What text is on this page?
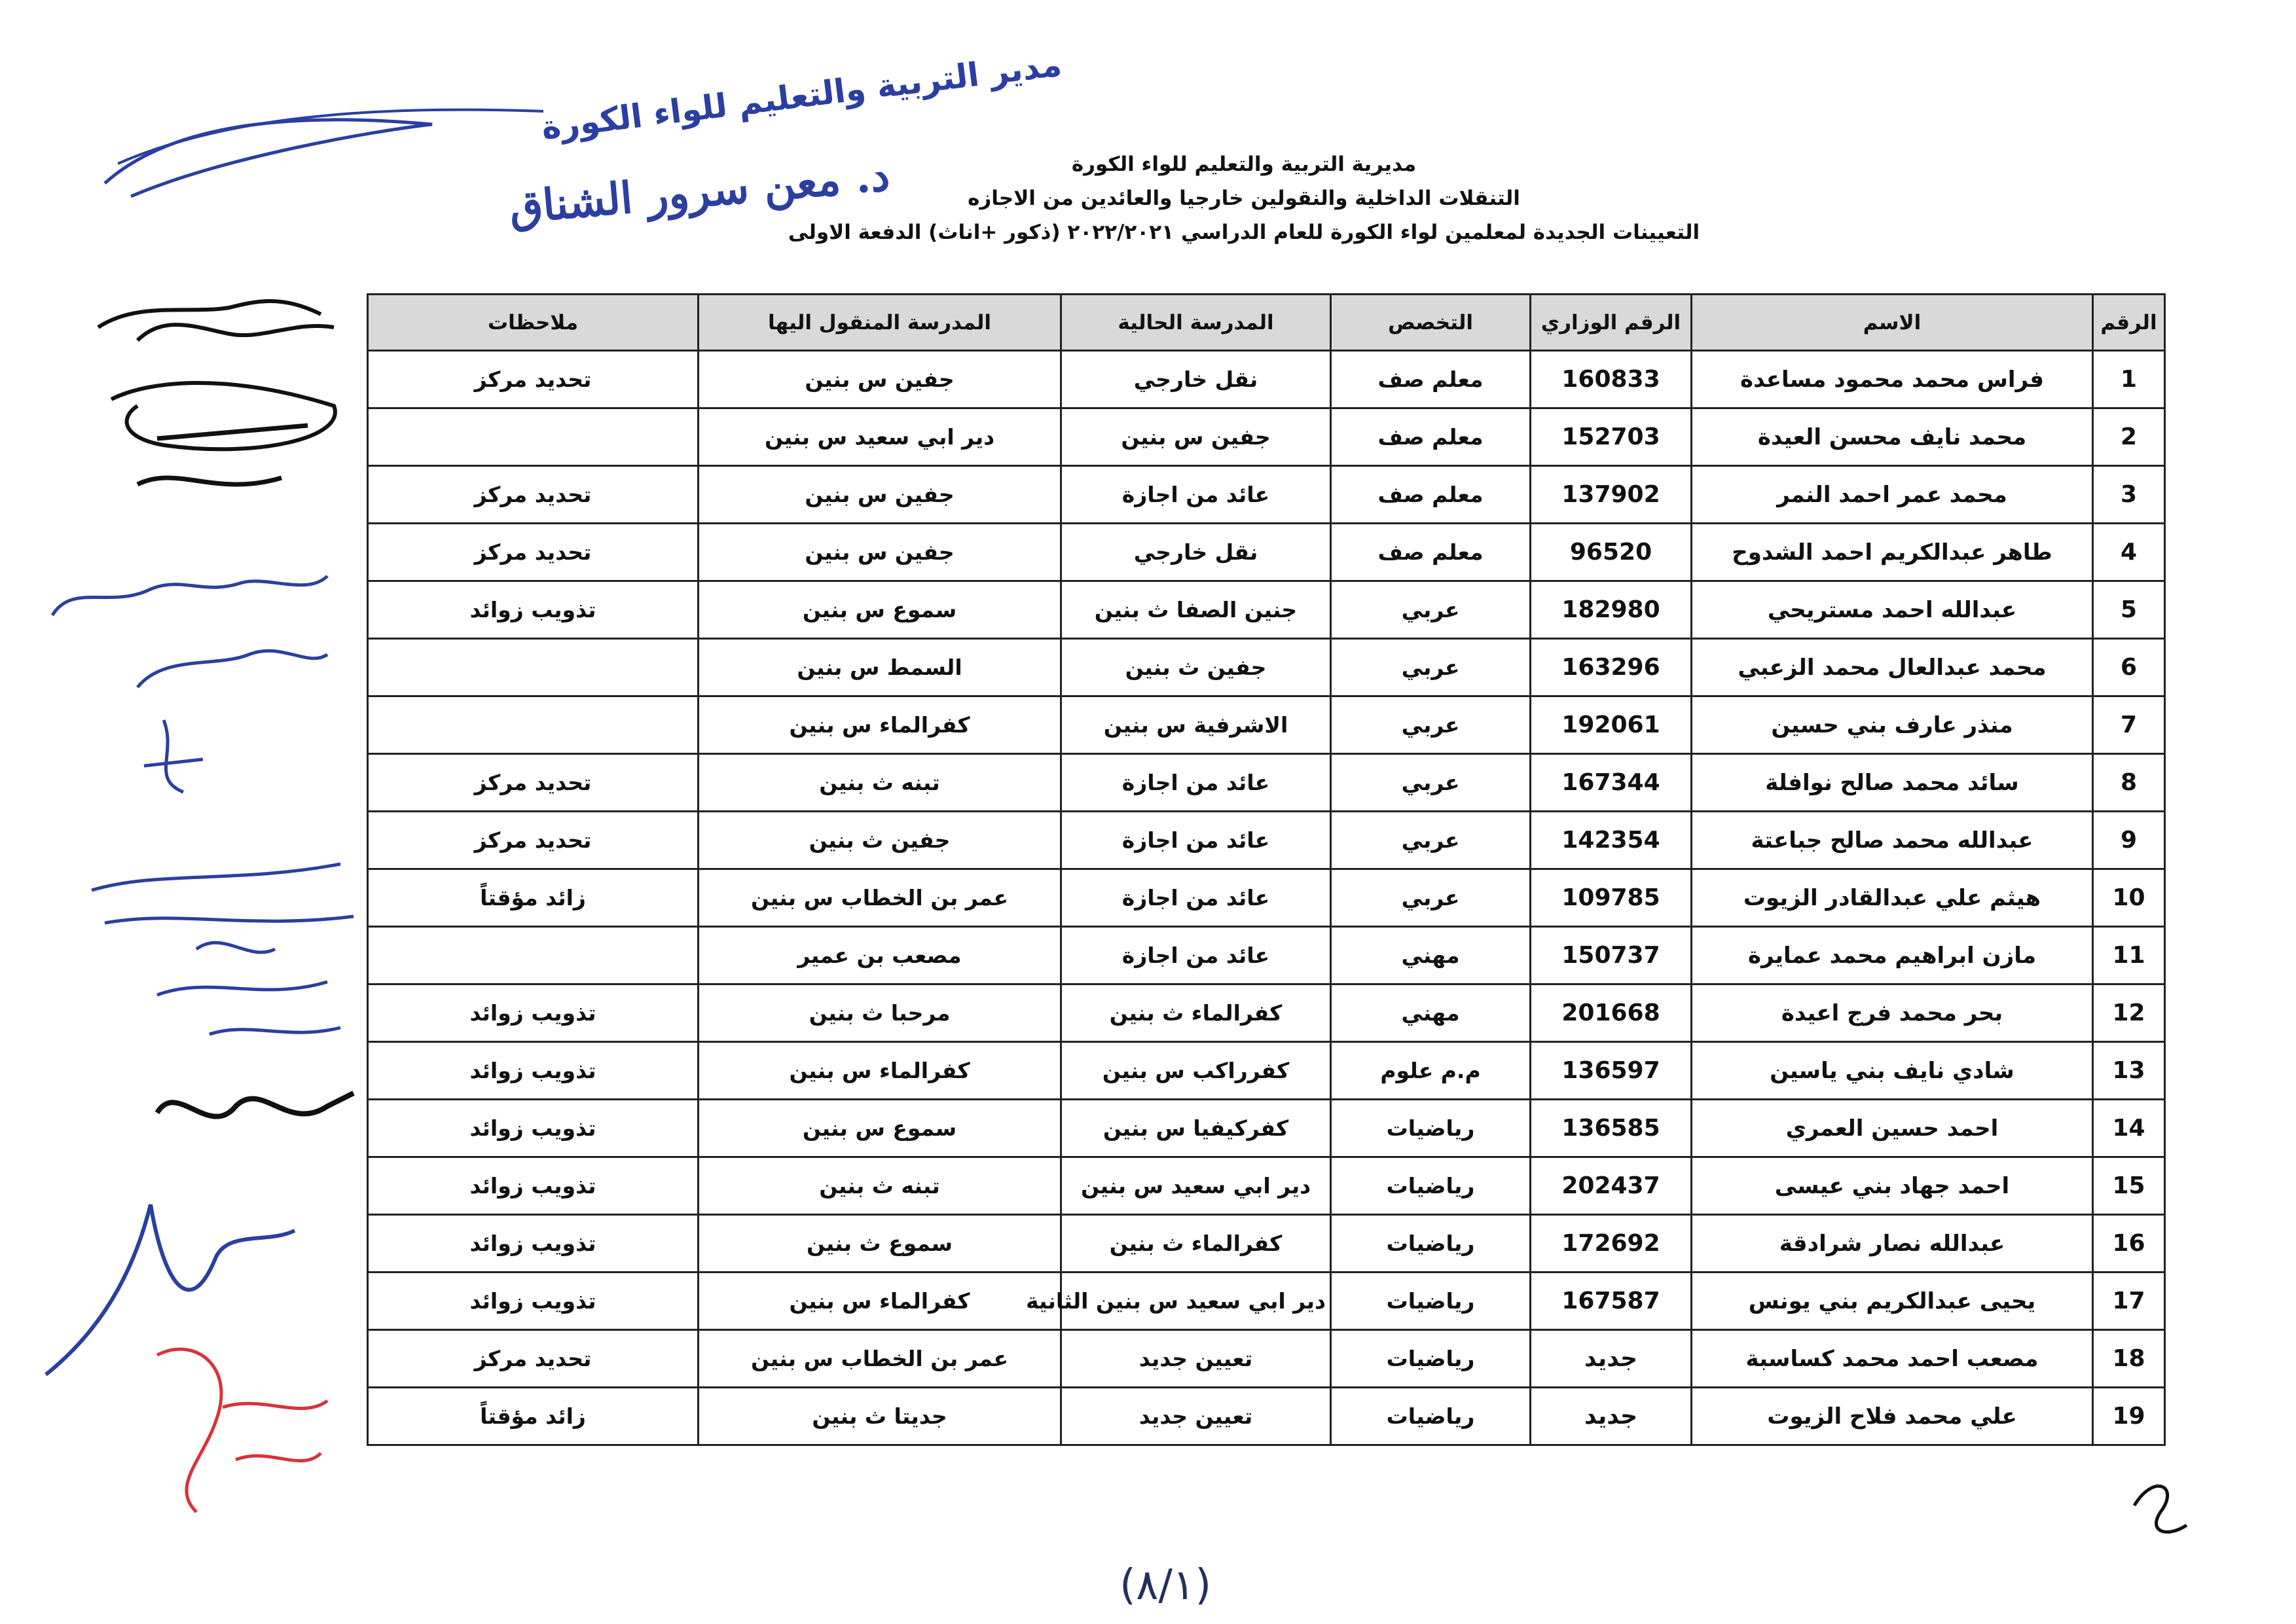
مدير التربية والتعليم للواء الكورة
د. معن سرور الشناق	مديرية التربية والتعليم للواء الكورة
التنقلات الداخلية والنقولين خارجيا والعائدين من الاجازه
التعيينات الجديدة لمعلمين لواء الكورة للعام الدراسي ٢٠٢٢/٢٠٢١ (ذكور +اناث) الدفعة الاولى
الرقم	الاسم	الرقم الوزاري	التخصص	المدرسة الحالية	المدرسة المنقول اليها	ملاحظات
1	فراس محمد محمود مساعدة	160833	معلم صف	نقل خارجي	جفين س بنين	تحديد مركز
2	محمد نايف محسن العيدة	152703	معلم صف	جفين س بنين	دير ابي سعيد س بنين	
3	محمد عمر احمد النمر	137902	معلم صف	عائد من اجازة	جفين س بنين	تحديد مركز
4	طاهر عبدالكريم احمد الشدوح	96520	معلم صف	نقل خارجي	جفين س بنين	تحديد مركز
5	عبدالله احمد مستريحي	182980	عربي	جنين الصفا ث بنين	سموع س بنين	تذويب زوائد
6	محمد عبدالعال محمد الزعبي	163296	عربي	جفين ث بنين	السمط س بنين	
7	منذر عارف بني حسين	192061	عربي	الاشرفية س بنين	كفرالماء س بنين	
8	سائد محمد صالح نوافلة	167344	عربي	عائد من اجازة	تبنه ث بنين	تحديد مركز
9	عبدالله محمد صالح جباعتة	142354	عربي	عائد من اجازة	جفين ث بنين	تحديد مركز
10	هيثم علي عبدالقادر الزيوت	109785	عربي	عائد من اجازة	عمر بن الخطاب س بنين	زائد مؤقتاً
11	مازن ابراهيم محمد عمايرة	150737	مهني	عائد من اجازة	مصعب بن عمير	
12	بحر محمد فرج اعيدة	201668	مهني	كفرالماء ث بنين	مرحبا ث بنين	تذويب زوائد
13	شادي نايف بني ياسين	136597	م.م علوم	كفرراكب س بنين	كفرالماء س بنين	تذويب زوائد
14	احمد حسين العمري	136585	رياضيات	كفركيفيا س بنين	سموع س بنين	تذويب زوائد
15	احمد جهاد بني عيسى	202437	رياضيات	دير ابي سعيد س بنين	تبنه ث بنين	تذويب زوائد
16	عبدالله نصار شرادقة	172692	رياضيات	كفرالماء ث بنين	سموع ث بنين	تذويب زوائد
17	يحيى عبدالكريم بني يونس	167587	رياضيات	دير ابي سعيد س بنين الثانية	كفرالماء س بنين	تذويب زوائد
18	مصعب احمد محمد كساسبة	جديد	رياضيات	تعيين جديد	عمر بن الخطاب س بنين	تحديد مركز
19	علي محمد فلاح الزيوت	جديد	رياضيات	تعيين جديد	جديتا ث بنين	زائد مؤقتاً
(٨/١)
